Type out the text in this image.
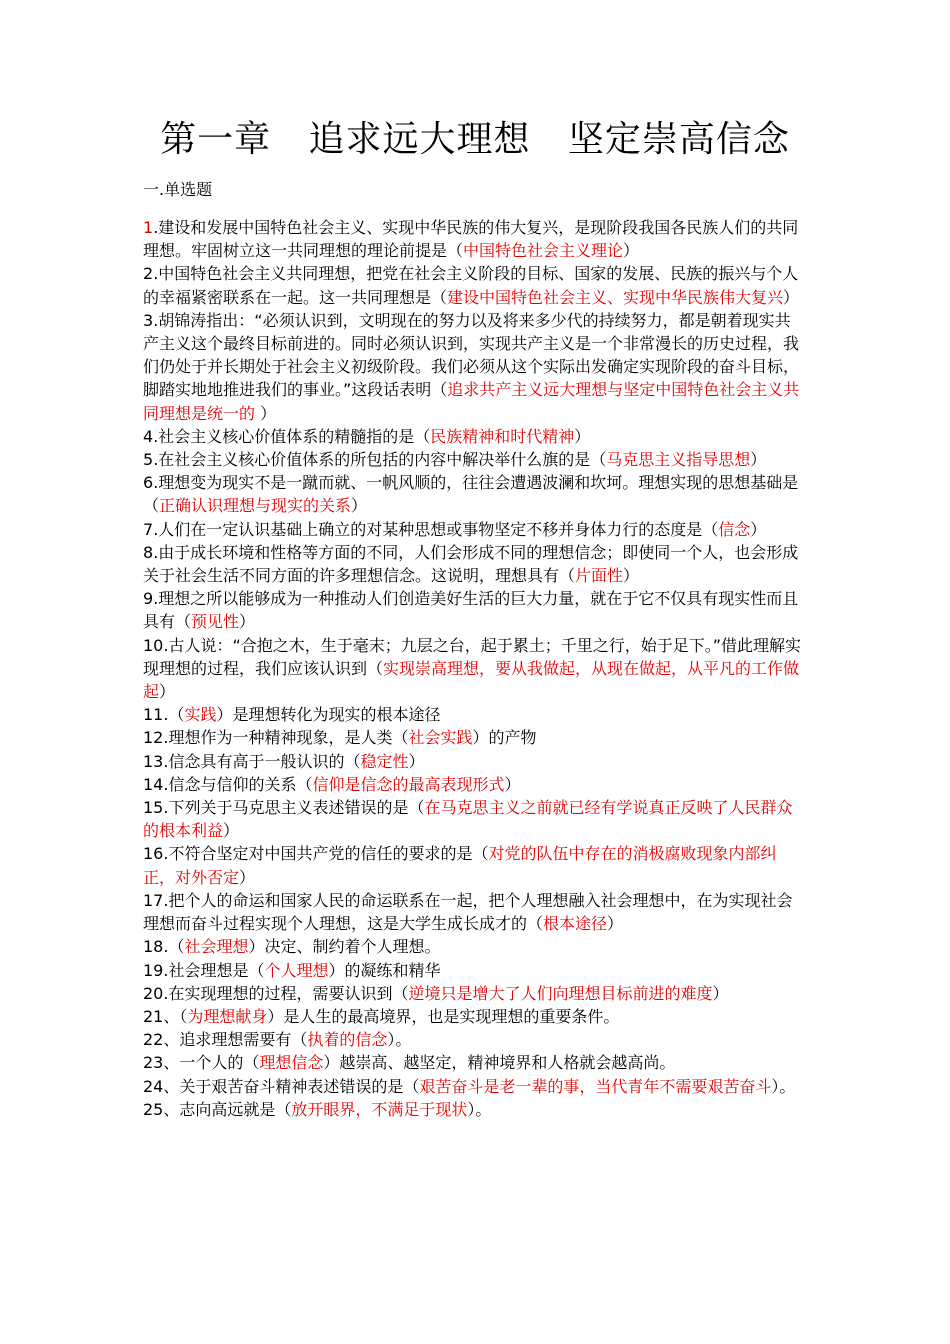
第一章   追求远大理想   坚定崇高信念
一.单选题

1.建设和发展中国特色社会主义、实现中华民族的伟大复兴，是现阶段我国各民族人们的共同理想。牢固树立这一共同理想的理论前提是（中国特色社会主义理论）

2.中国特色社会主义共同理想，把党在社会主义阶段的目标、国家的发展、民族的振兴与个人的幸福紧密联系在一起。这一共同理想是（建设中国特色社会主义、实现中华民族伟大复兴）

3.胡锦涛指出：“必须认识到，文明现在的努力以及将来多少代的持续努力，都是朝着现实共产主义这个最终目标前进的。同时必须认识到，实现共产主义是一个非常漫长的历史过程，我们仍处于并长期处于社会主义初级阶段。我们必须从这个实际出发确定实现阶段的奋斗目标，脚踏实地地推进我们的事业。”这段话表明（追求共产主义远大理想与坚定中国特色社会主义共同理想是统一的 ）

4.社会主义核心价值体系的精髓指的是（民族精神和时代精神）

5.在社会主义核心价值体系的所包括的内容中解决举什么旗的是（马克思主义指导思想）

6.理想变为现实不是一蹴而就、一帆风顺的，往往会遭遇波澜和坎坷。理想实现的思想基础是（正确认识理想与现实的关系）

7.人们在一定认识基础上确立的对某种思想或事物坚定不移并身体力行的态度是（信念）

8.由于成长环境和性格等方面的不同，人们会形成不同的理想信念；即使同一个人，也会形成关于社会生活不同方面的许多理想信念。这说明，理想具有（片面性）

9.理想之所以能够成为一种推动人们创造美好生活的巨大力量，就在于它不仅具有现实性而且具有（预见性）

10.古人说：“合抱之木，生于毫末；九层之台，起于累土；千里之行，始于足下。”借此理解实现理想的过程，我们应该认识到（实现崇高理想，要从我做起，从现在做起，从平凡的工作做起）

11.（实践）是理想转化为现实的根本途径

12.理想作为一种精神现象，是人类（社会实践）的产物

13.信念具有高于一般认识的（稳定性）

14.信念与信仰的关系（信仰是信念的最高表现形式）

15.下列关于马克思主义表述错误的是（在马克思主义之前就已经有学说真正反映了人民群众的根本利益）

16.不符合坚定对中国共产党的信任的要求的是（对党的队伍中存在的消极腐败现象内部纠正，对外否定）

17.把个人的命运和国家人民的命运联系在一起，把个人理想融入社会理想中，在为实现社会理想而奋斗过程实现个人理想，这是大学生成长成才的（根本途径）

18.（社会理想）决定、制约着个人理想。

19.社会理想是（个人理想）的凝练和精华

20.在实现理想的过程，需要认识到（逆境只是增大了人们向理想目标前进的难度）

21、（为理想献身）是人生的最高境界，也是实现理想的重要条件。

22、追求理想需要有（执着的信念）。

23、一个人的（理想信念）越崇高、越坚定，精神境界和人格就会越高尚。

24、关于艰苦奋斗精神表述错误的是（艰苦奋斗是老一辈的事，当代青年不需要艰苦奋斗）。

25、志向高远就是（放开眼界，不满足于现状）。
